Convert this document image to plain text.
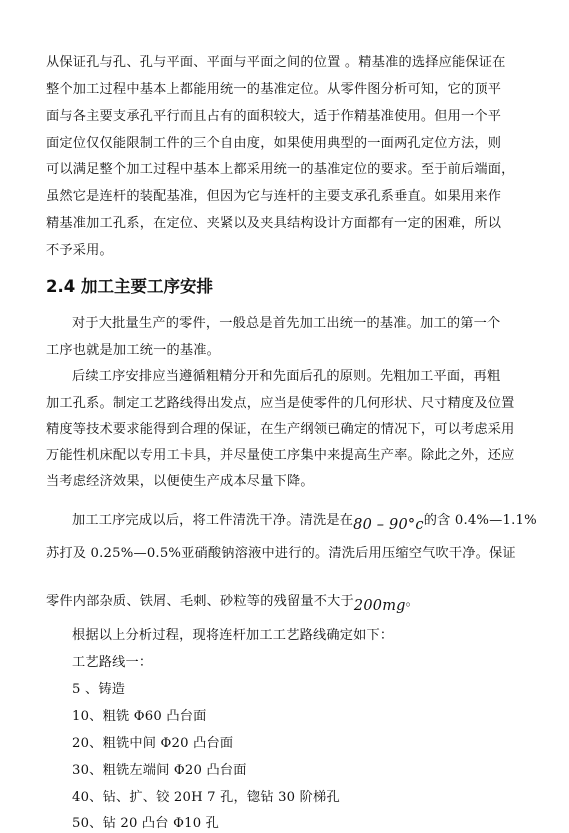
从保证孔与孔、孔与平面、平面与平面之间的位置 。精基准的选择应能保证在
整个加工过程中基本上都能用统一的基准定位。从零件图分析可知，它的顶平
面与各主要支承孔平行而且占有的面积较大，适于作精基准使用。但用一个平
面定位仅仅能限制工件的三个自由度，如果使用典型的一面两孔定位方法，则
可以满足整个加工过程中基本上都采用统一的基准定位的要求。至于前后端面，
虽然它是连杆的装配基准，但因为它与连杆的主要支承孔系垂直。如果用来作
精基准加工孔系，在定位、夹紧以及夹具结构设计方面都有一定的困难，所以
不予采用。
2.4 加工主要工序安排
对于大批量生产的零件，一般总是首先加工出统一的基准。加工的第一个
工序也就是加工统一的基准。
后续工序安排应当遵循粗精分开和先面后孔的原则。先粗加工平面，再粗
加工孔系。制定工艺路线得出发点，应当是使零件的几何形状、尺寸精度及位置
精度等技术要求能得到合理的保证，在生产纲领已确定的情况下，可以考虑采用
万能性机床配以专用工卡具，并尽量使工序集中来提高生产率。除此之外，还应
当考虑经济效果，以便使生产成本尽量下降。
加工工序完成以后，将工件清洗干净。清洗是在80 – 90°c的含 0.4%—1.1%
苏打及 0.25%—0.5%亚硝酸钠溶液中进行的。清洗后用压缩空气吹干净。保证
零件内部杂质、铁屑、毛刺、砂粒等的残留量不大于200mg。
根据以上分析过程，现将连杆加工工艺路线确定如下：
工艺路线一：
5 、铸造
10、粗铣 Φ60 凸台面
20、粗铣中间 Φ20 凸台面
30、粗铣左端间 Φ20 凸台面
40、钻、扩、铰 20H 7 孔，锪钻 30 阶梯孔
50、钻 20 凸台 Φ10 孔
